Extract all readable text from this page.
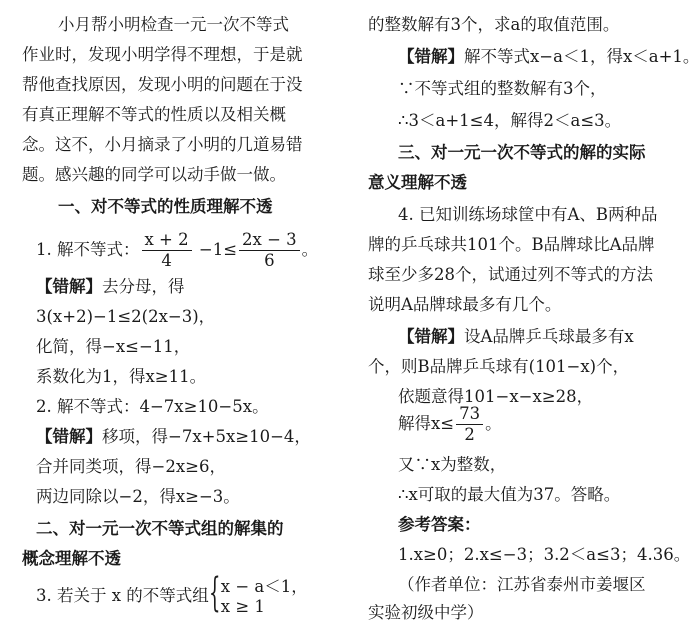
小月帮小明检查一元一次不等式
作业时，发现小明学得不理想，于是就
帮他查找原因，发现小明的问题在于没
有真正理解不等式的性质以及相关概
念。这不，小月摘录了小明的几道易错
题。感兴趣的同学可以动手做一做。
一、对不等式的性质理解不透
1. 解不等式： $\frac{x + 2}{4} -1\le \frac{2x - 3}{6}$ 。
【错解】去分母，得
3(x+2)−1≤2(2x−3)，
化简，得−x≤−11，
系数化为1，得x≥11。
2. 解不等式：4−7x≥10−5x。
【错解】移项，得−7x+5x≥10−4，
合并同类项，得−2x≥6，
两边同除以−2，得x≥−3。
二、对一元一次不等式组的解集的
概念理解不透
3. 若关于 x 的不等式组 { x − a＜1，
x ≥ 1
的整数解有3个，求a的取值范围。
【错解】解不等式x−a＜1，得x＜a+1。
∵不等式组的整数解有3个，
∴3＜a+1≤4，解得2＜a≤3。
三、对一元一次不等式的解的实际
意义理解不透
4. 已知训练场球筐中有A、B两种品
牌的乒乓球共101个。B品牌球比A品牌
球至少多28个，试通过列不等式的方法
说明A品牌球最多有几个。
【错解】设A品牌乒乓球最多有x
个，则B品牌乒乓球有(101−x)个，
依题意得101−x−x≥28，
解得$x\le \frac{73}{2}$ 。
又∵x为整数，
∴x可取的最大值为37。答略。
参考答案：
1.x≥0；2.x≤−3；3.2＜a≤3；4.36。
（作者单位：江苏省泰州市姜堰区
实验初级中学）
